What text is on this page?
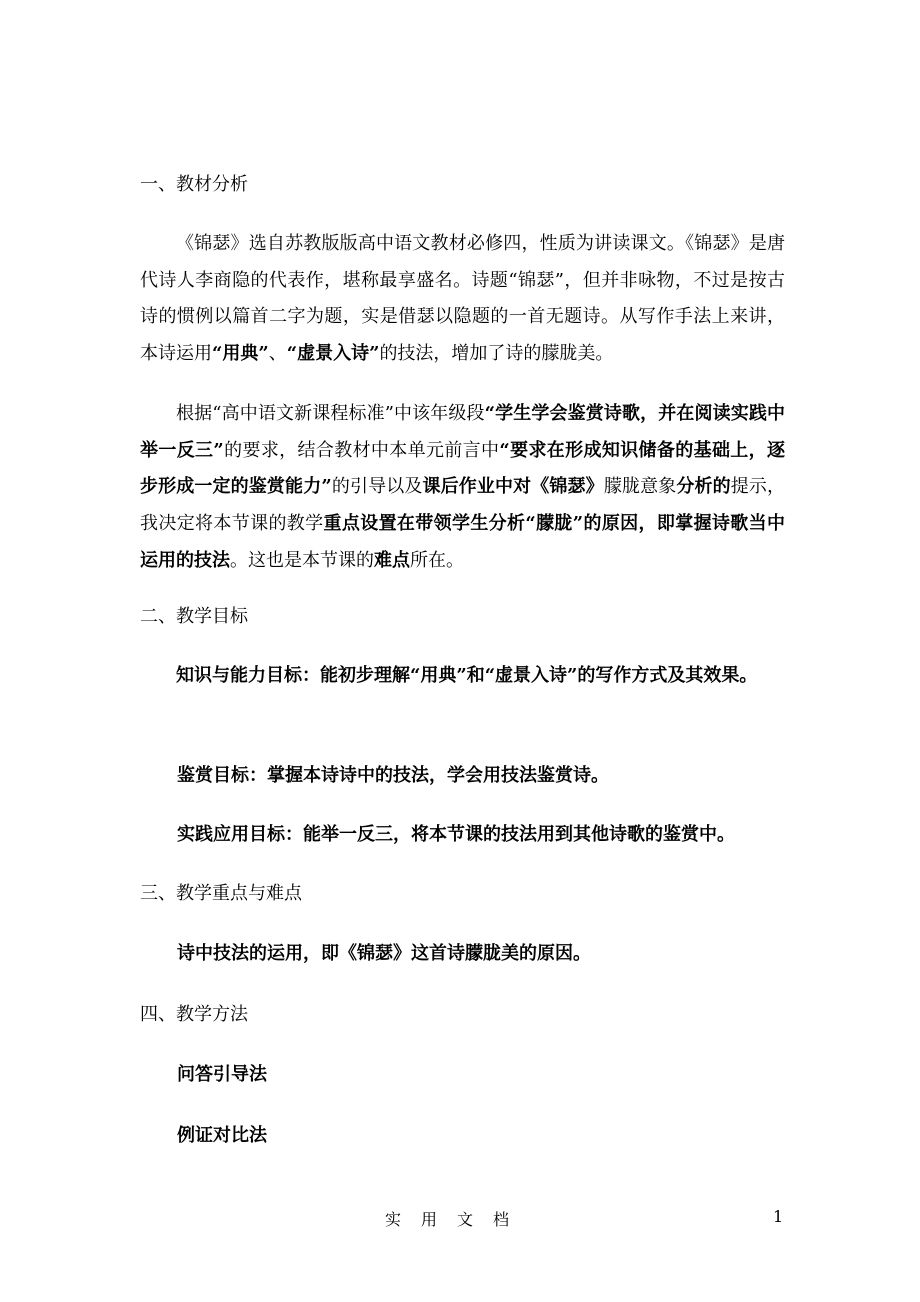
一、教材分析
《锦瑟》选自苏教版版高中语文教材必修四，性质为讲读课文。《锦瑟》是唐代诗人李商隐的代表作，堪称最享盛名。诗题“锦瑟”，但并非咏物，不过是按古诗的惯例以篇首二字为题，实是借瑟以隐题的一首无题诗。从写作手法上来讲，本诗运用“用典”、“虚景入诗”的技法，增加了诗的朦胧美。
根据“高中语文新课程标准”中该年级段“学生学会鉴赏诗歌，并在阅读实践中举一反三”的要求，结合教材中本单元前言中“要求在形成知识储备的基础上，逐步形成一定的鉴赏能力”的引导以及课后作业中对《锦瑟》朦胧意象分析的提示，我决定将本节课的教学重点设置在带领学生分析“朦胧”的原因，即掌握诗歌当中运用的技法。这也是本节课的难点所在。
二、教学目标
知识与能力目标：能初步理解“用典”和“虚景入诗”的写作方式及其效果。
鉴赏目标：掌握本诗诗中的技法，学会用技法鉴赏诗。
实践应用目标：能举一反三，将本节课的技法用到其他诗歌的鉴赏中。
三、教学重点与难点
诗中技法的运用，即《锦瑟》这首诗朦胧美的原因。
四、教学方法
问答引导法
例证对比法
实用文档	1
